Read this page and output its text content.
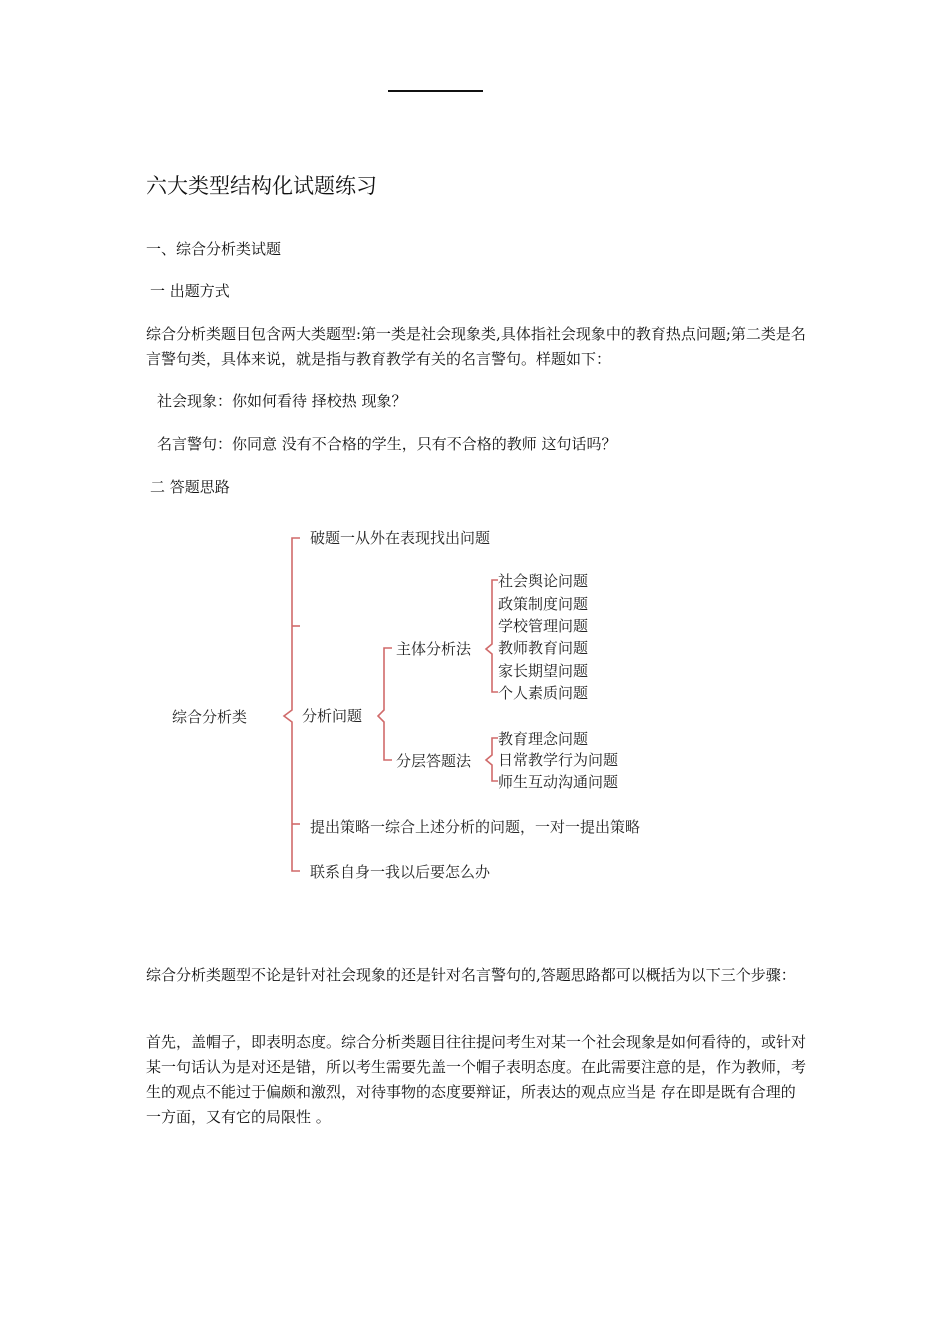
六大类型结构化试题练习
一、综合分析类试题
一 出题方式
综合分析类题目包含两大类题型:第一类是社会现象类,具体指社会现象中的教育热点问题;第二类是名言警句类，具体来说，就是指与教育教学有关的名言警句。样题如下：
社会现象：你如何看待 择校热 现象？
名言警句：你同意 没有不合格的学生，只有不合格的教师 这句话吗？
二 答题思路
综合分析类
破题一从外在表现找出问题
分析问题
主体分析法
分层答题法
社会舆论问题
政策制度问题
学校管理问题
教师教育问题
家长期望问题
个人素质问题
教育理念问题
日常教学行为问题
师生互动沟通问题
提出策略一综合上述分析的问题，一对一提出策略
联系自身一我以后要怎么办
综合分析类题型不论是针对社会现象的还是针对名言警句的,答题思路都可以概括为以下三个步骤：
首先，盖帽子，即表明态度。综合分析类题目往往提问考生对某一个社会现象是如何看待的，或针对某一句话认为是对还是错，所以考生需要先盖一个帽子表明态度。在此需要注意的是，作为教师，考生的观点不能过于偏颇和激烈，对待事物的态度要辩证，所表达的观点应当是 存在即是既有合理的一方面，又有它的局限性 。
